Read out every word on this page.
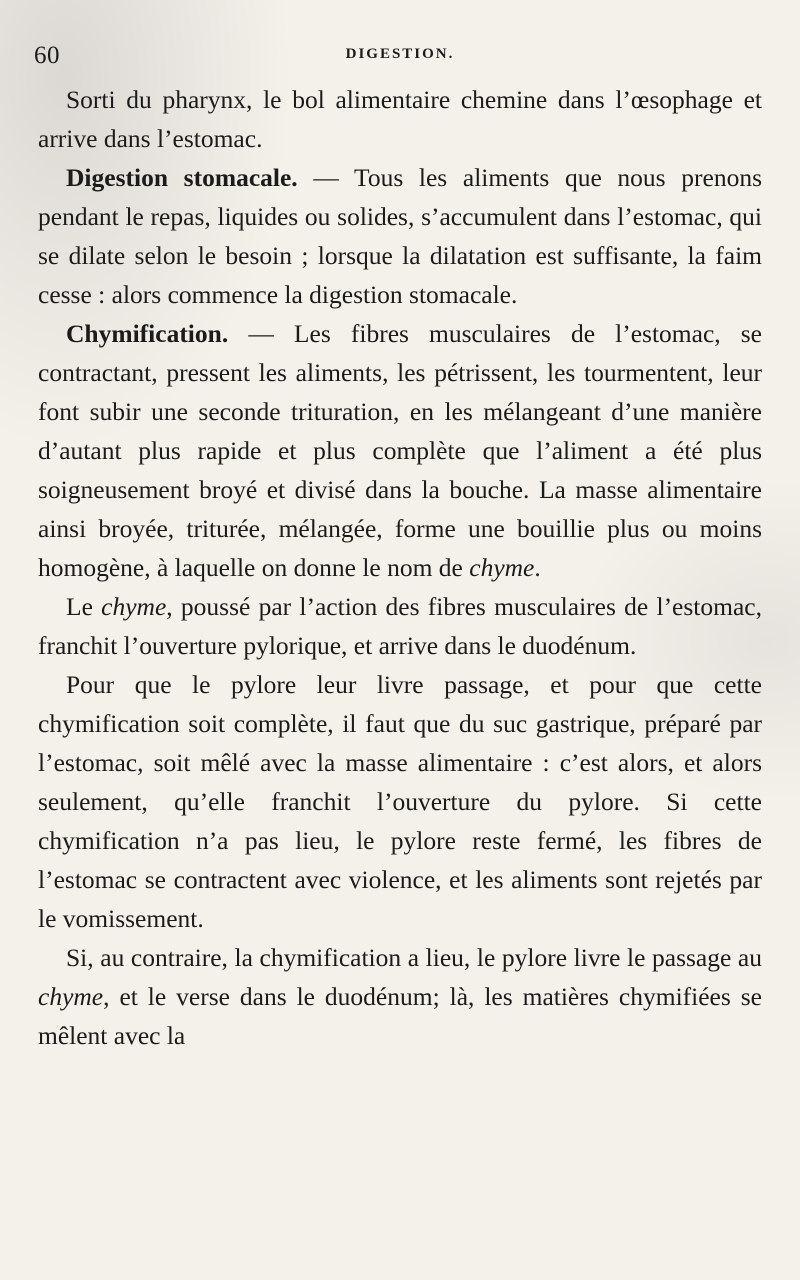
60	DIGESTION.

Sorti du pharynx, le bol alimentaire chemine dans l’œsophage et arrive dans l’estomac.

Digestion stomacale. — Tous les aliments que nous prenons pendant le repas, liquides ou solides, s’accumulent dans l’estomac, qui se dilate selon le besoin ; lorsque la dilatation est suffisante, la faim cesse : alors commence la digestion stomacale.

Chymification. — Les fibres musculaires de l’estomac, se contractant, pressent les aliments, les pétrissent, les tourmentent, leur font subir une seconde trituration, en les mélangeant d’une manière d’autant plus rapide et plus complète que l’aliment a été plus soigneusement broyé et divisé dans la bouche. La masse alimentaire ainsi broyée, triturée, mélangée, forme une bouillie plus ou moins homogène, à laquelle on donne le nom de chyme.

Le chyme, poussé par l’action des fibres musculaires de l’estomac, franchit l’ouverture pylorique, et arrive dans le duodénum.

Pour que le pylore leur livre passage, et pour que cette chymification soit complète, il faut que du suc gastrique, préparé par l’estomac, soit mêlé avec la masse alimentaire : c’est alors, et alors seulement, qu’elle franchit l’ouverture du pylore. Si cette chymification n’a pas lieu, le pylore reste fermé, les fibres de l’estomac se contractent avec violence, et les aliments sont rejetés par le vomissement.

Si, au contraire, la chymification a lieu, le pylore livre le passage au chyme, et le verse dans le duodénum; là, les matières chymifiées se mêlent avec la
